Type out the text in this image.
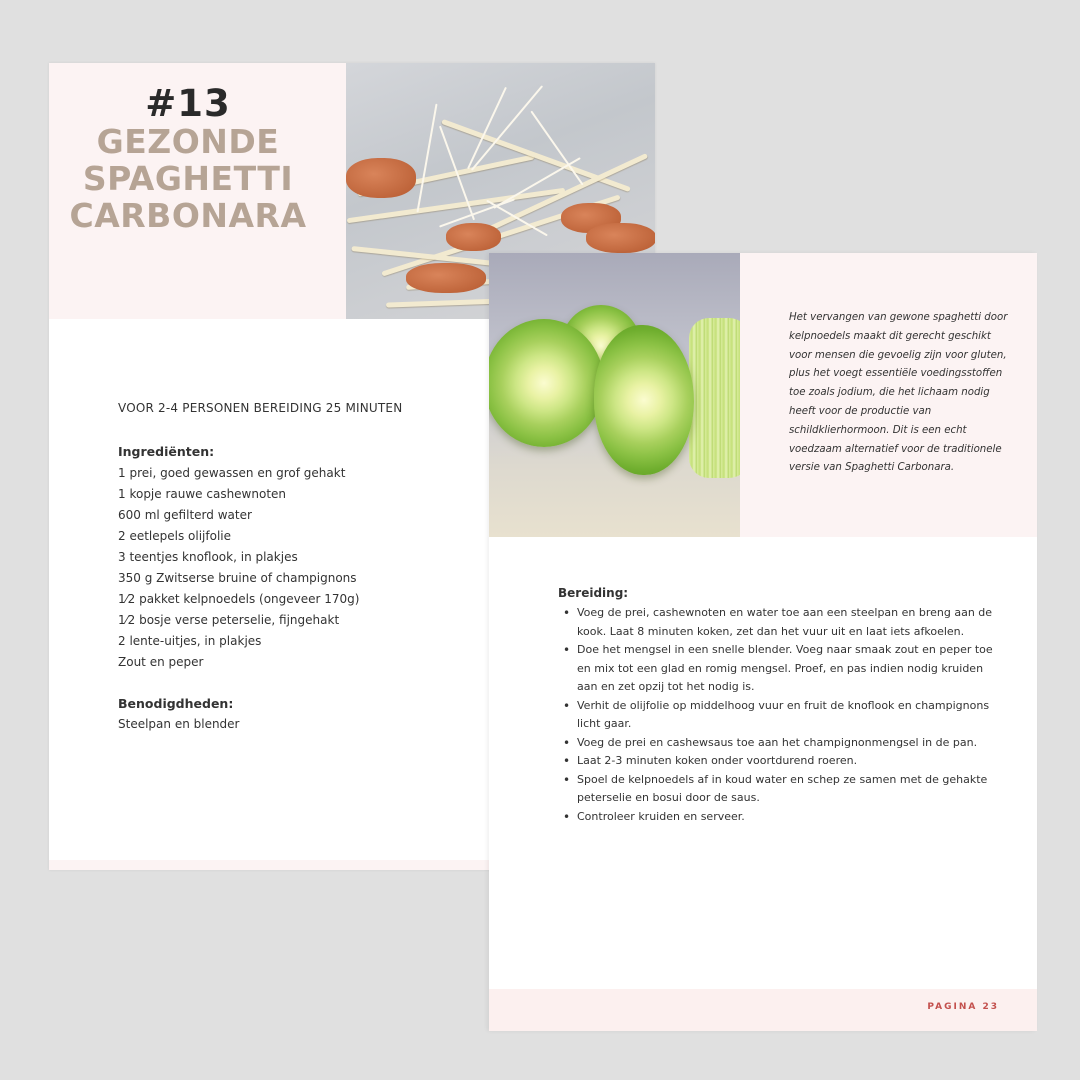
#13
GEZONDE
SPAGHETTI
CARBONARA
VOOR 2-4 PERSONEN BEREIDING 25 MINUTEN
Ingrediënten:
1 prei, goed gewassen en grof gehakt
1 kopje rauwe cashewnoten
600 ml gefilterd water
2 eetlepels olijfolie
3 teentjes knoflook, in plakjes
350 g Zwitserse bruine of champignons
1⁄2 pakket kelpnoedels (ongeveer 170g)
1⁄2 bosje verse peterselie, fijngehakt
2 lente-uitjes, in plakjes
Zout en peper
Benodigdheden:
Steelpan en blender
Het vervangen van gewone spaghetti door kelpnoedels maakt dit gerecht geschikt voor mensen die gevoelig zijn voor gluten, plus het voegt essentiële voedingsstoffen toe zoals jodium, die het lichaam nodig heeft voor de productie van schildklierhormoon. Dit is een echt voedzaam alternatief voor de traditionele versie van Spaghetti Carbonara.
Bereiding:
• Voeg de prei, cashewnoten en water toe aan een steelpan en breng aan de kook. Laat 8 minuten koken, zet dan het vuur uit en laat iets afkoelen.
• Doe het mengsel in een snelle blender. Voeg naar smaak zout en peper toe en mix tot een glad en romig mengsel. Proef, en pas indien nodig kruiden aan en zet opzij tot het nodig is.
• Verhit de olijfolie op middelhoog vuur en fruit de knoflook en champignons licht gaar.
• Voeg de prei en cashewsaus toe aan het champignonmengsel in de pan.
• Laat 2-3 minuten koken onder voortdurend roeren.
• Spoel de kelpnoedels af in koud water en schep ze samen met de gehakte peterselie en bosui door de saus.
• Controleer kruiden en serveer.
PAGINA 23
